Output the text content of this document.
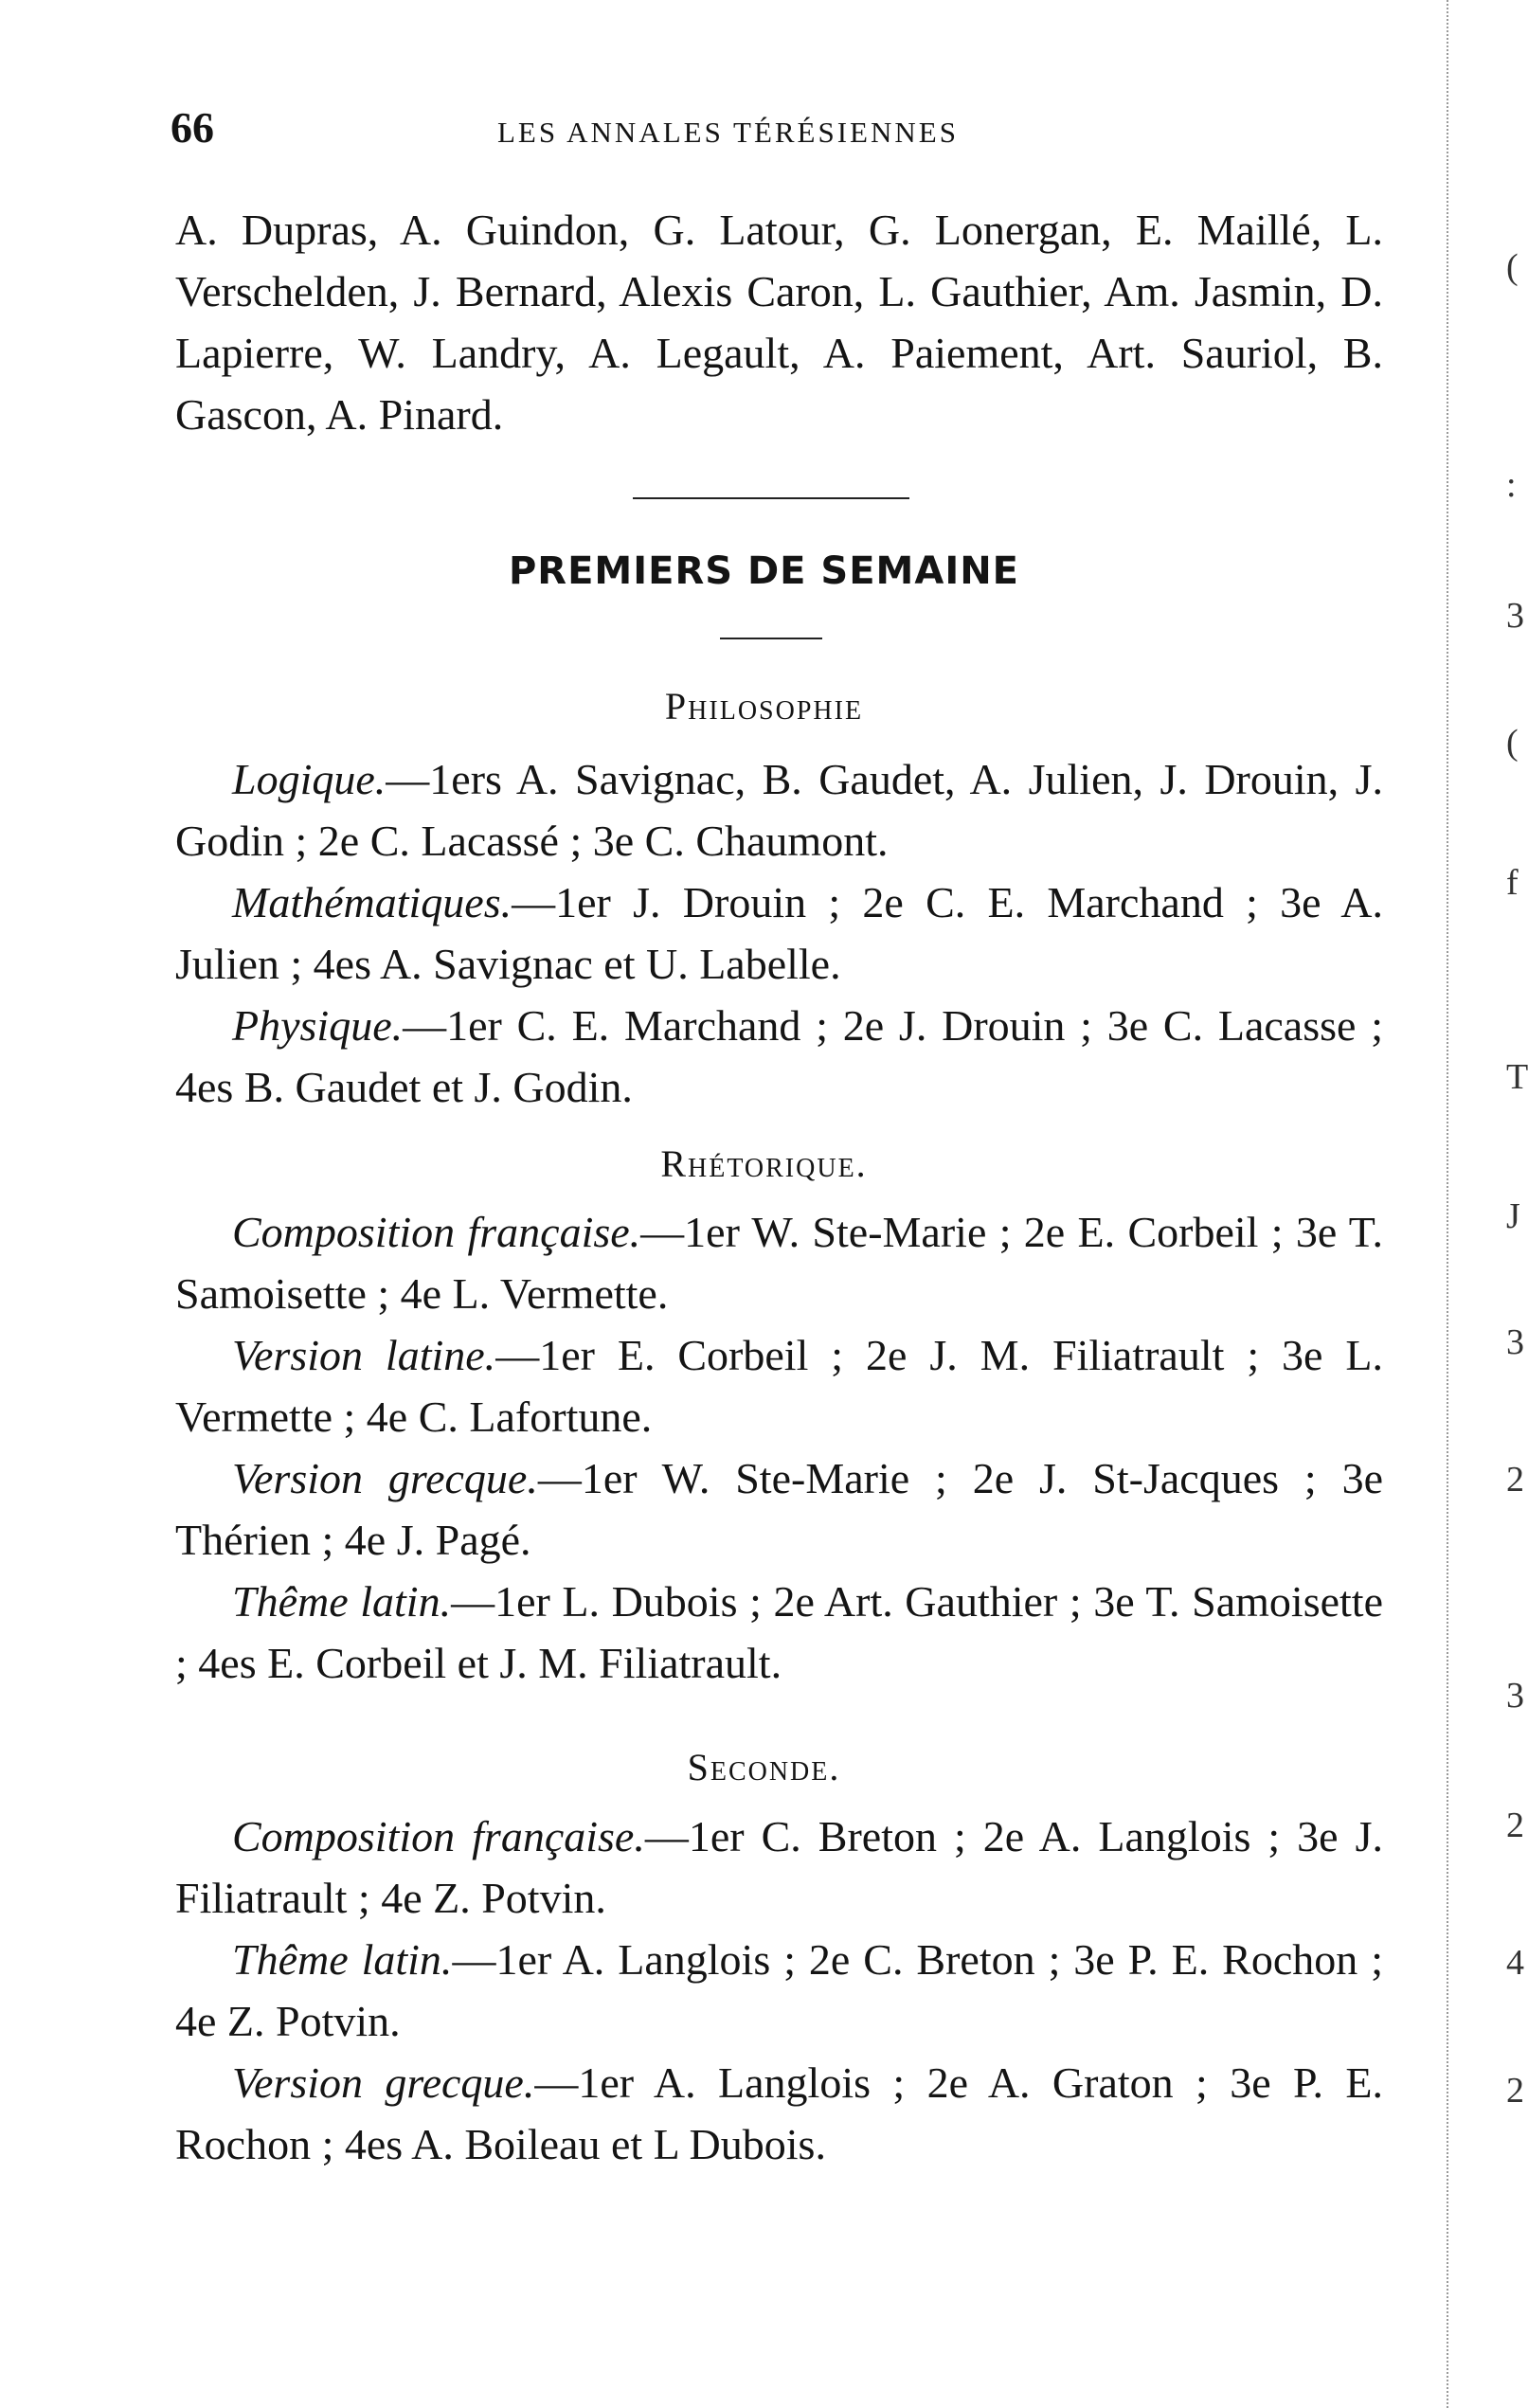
66	LES ANNALES TÉRÉSIENNES

A. Dupras, A. Guindon, G. Latour, G. Lonergan, E. Maillé, L. Verschelden, J. Bernard, Alexis Caron, L. Gauthier, Am. Jasmin, D. Lapierre, W. Landry, A. Legault, A. Paiement, Art. Sauriol, B. Gascon, A. Pinard.

PREMIERS DE SEMAINE
Philosophie

Logique.—1ers A. Savignac, B. Gaudet, A. Julien, J. Drouin, J. Godin ; 2e C. Lacassé ; 3e C. Chaumont.

Mathématiques.—1er J. Drouin ; 2e C. E. Marchand ; 3e A. Julien ; 4es A. Savignac et U. Labelle.

Physique.—1er C. E. Marchand ; 2e J. Drouin ; 3e C. Lacasse ; 4es B. Gaudet et J. Godin.

Rhétorique.

Composition française.—1er W. Ste-Marie ; 2e E. Corbeil ; 3e T. Samoisette ; 4e L. Vermette.

Version latine.—1er E. Corbeil ; 2e J. M. Filiatrault ; 3e L. Vermette ; 4e C. Lafortune.

Version grecque.—1er W. Ste-Marie ; 2e J. St-Jacques ; 3e Thérien ; 4e J. Pagé.

Thême latin.—1er L. Dubois ; 2e Art. Gauthier ; 3e T. Samoisette ; 4es E. Corbeil et J. M. Filiatrault.

Seconde.

Composition française.—1er C. Breton ; 2e A. Langlois ; 3e J. Filiatrault ; 4e Z. Potvin.

Thême latin.—1er A. Langlois ; 2e C. Breton ; 3e P. E. Rochon ; 4e Z. Potvin.

Version grecque.—1er A. Langlois ; 2e A. Graton ; 3e P. E. Rochon ; 4es A. Boileau et L Dubois.

(
:
3
(
f
T
J
3
2
3
2
4
2
